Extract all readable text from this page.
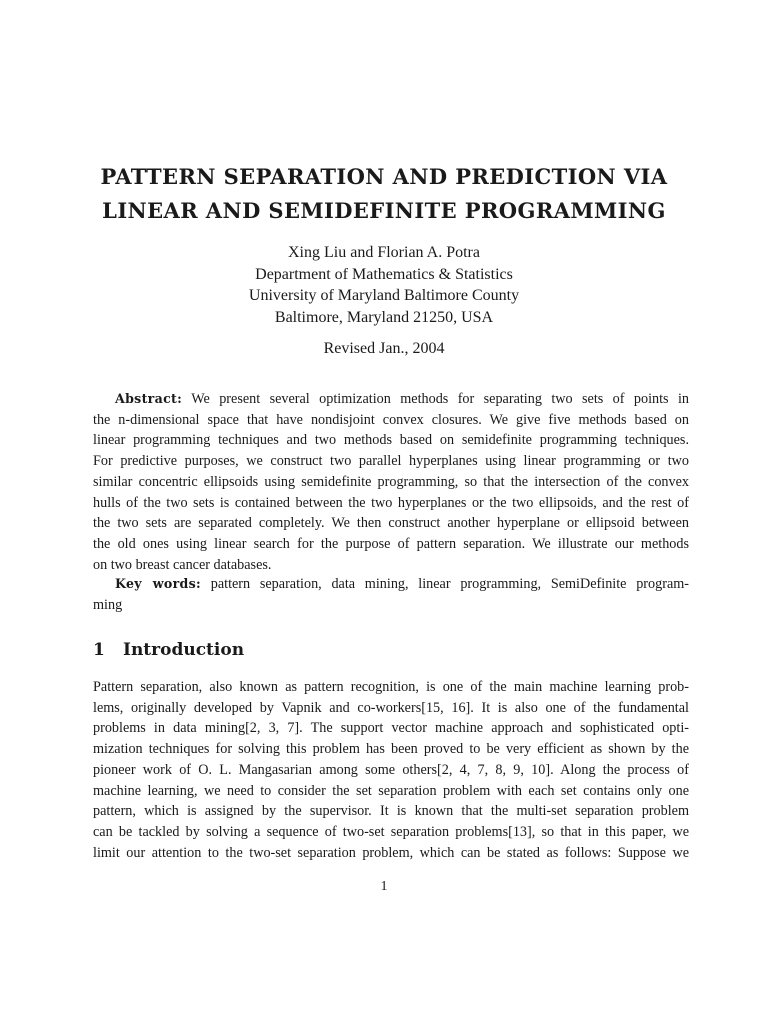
PATTERN SEPARATION AND PREDICTION VIA
LINEAR AND SEMIDEFINITE PROGRAMMING
Xing Liu and Florian A. Potra
Department of Mathematics & Statistics
University of Maryland Baltimore County
Baltimore, Maryland 21250, USA
Revised Jan., 2004
Abstract: We present several optimization methods for separating two sets of points in
the n-dimensional space that have nondisjoint convex closures. We give five methods based on
linear programming techniques and two methods based on semidefinite programming techniques.
For predictive purposes, we construct two parallel hyperplanes using linear programming or two
similar concentric ellipsoids using semidefinite programming, so that the intersection of the convex
hulls of the two sets is contained between the two hyperplanes or the two ellipsoids, and the rest of
the two sets are separated completely. We then construct another hyperplane or ellipsoid between
the old ones using linear search for the purpose of pattern separation. We illustrate our methods
on two breast cancer databases.
Key words: pattern separation, data mining, linear programming, SemiDefinite program-
ming
1 Introduction
Pattern separation, also known as pattern recognition, is one of the main machine learning prob-
lems, originally developed by Vapnik and co-workers[15, 16]. It is also one of the fundamental
problems in data mining[2, 3, 7]. The support vector machine approach and sophisticated opti-
mization techniques for solving this problem has been proved to be very efficient as shown by the
pioneer work of O. L. Mangasarian among some others[2, 4, 7, 8, 9, 10]. Along the process of
machine learning, we need to consider the set separation problem with each set contains only one
pattern, which is assigned by the supervisor. It is known that the multi-set separation problem
can be tackled by solving a sequence of two-set separation problems[13], so that in this paper, we
limit our attention to the two-set separation problem, which can be stated as follows: Suppose we
1
